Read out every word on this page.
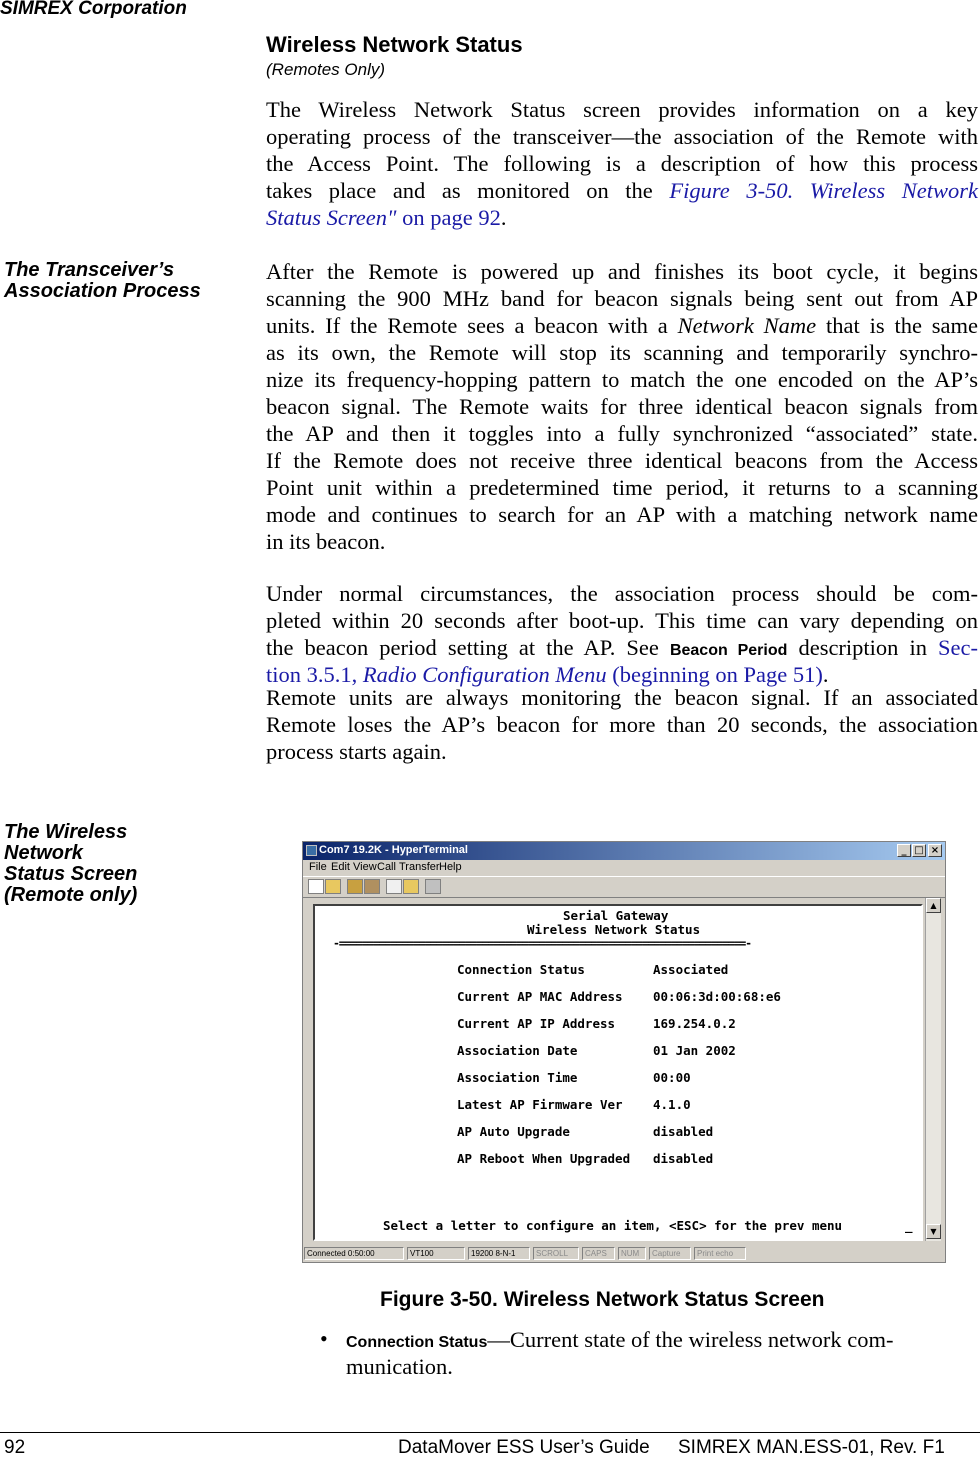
SIMREX Corporation
Wireless Network Status
(Remotes Only)
The Wireless Network Status screen provides information on a key
operating process of the transceiver—the association of the Remote with
the Access Point. The following is a description of how this process
takes place and as monitored on the Figure 3-50. Wireless Network
Status Screen" on page 92.
The Transceiver’s
Association Process
After the Remote is powered up and finishes its boot cycle, it begins
scanning the 900 MHz band for beacon signals being sent out from AP
units. If the Remote sees a beacon with a Network Name that is the same
as its own, the Remote will stop its scanning and temporarily synchro-
nize its frequency-hopping pattern to match the one encoded on the AP’s
beacon signal. The Remote waits for three identical beacon signals from
the AP and then it toggles into a fully synchronized “associated” state.
If the Remote does not receive three identical beacons from the Access
Point unit within a predetermined time period, it returns to a scanning
mode and continues to search for an AP with a matching network name
in its beacon.
Under normal circumstances, the association process should be com-
pleted within 20 seconds after boot-up. This time can vary depending on
the beacon period setting at the AP. See Beacon Period description in Sec-
tion 3.5.1, Radio Configuration Menu (beginning on Page 51).
Remote units are always monitoring the beacon signal. If an associated
Remote loses the AP’s beacon for more than 20 seconds, the association
process starts again.
The Wireless
Network
Status Screen
(Remote only)
Com7 19.2K - HyperTerminal	_ □ ×
File Edit View Call Transfer Help
Serial Gateway
Wireless Network Status
-=======================================================================-
Connection Status	Associated
Current AP MAC Address 00:06:3d:00:68:e6
Current AP IP Address	169.254.0.2
Association Date	01 Jan 2002
Association Time	00:00
Latest AP Firmware Ver 4.1.0
AP Auto Upgrade	disabled
AP Reboot When Upgraded disabled
Select a letter to configure an item, <ESC> for the prev menu	_
▲
▼
Connected 0:50:00	VT100	19200 8-N-1	SCROLL	CAPS	NUM	Capture	Print echo
Figure 3-50. Wireless Network Status Screen
• Connection Status—Current state of the wireless network com-
munication.
92	DataMover ESS User’s Guide SIMREX MAN.ESS-01, Rev. F1
